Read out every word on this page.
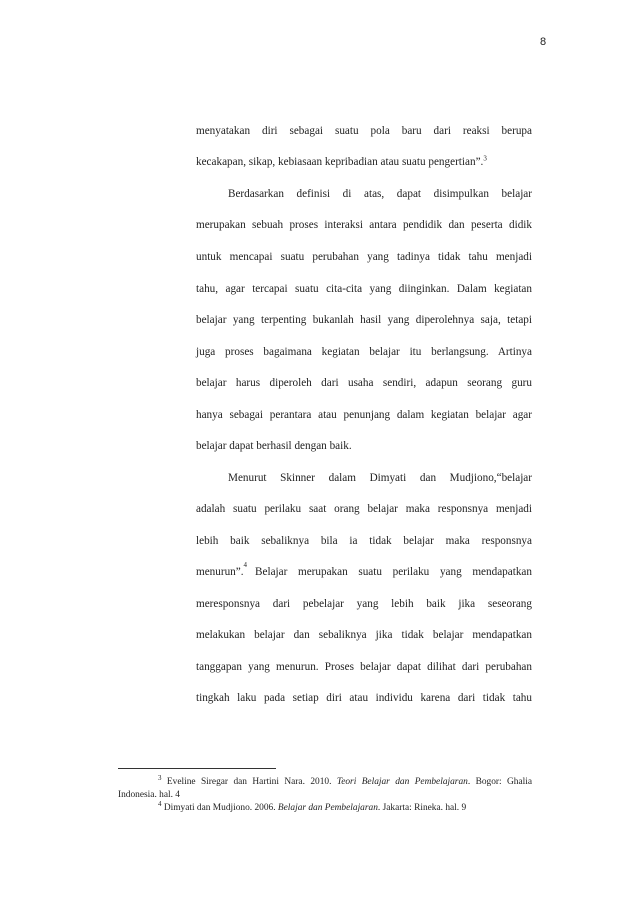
8
menyatakan diri sebagai suatu pola baru dari reaksi berupa
kecakapan, sikap, kebiasaan kepribadian atau suatu pengertian”.$^3$
Berdasarkan definisi di atas, dapat disimpulkan belajar
merupakan sebuah proses interaksi antara pendidik dan peserta didik
untuk mencapai suatu perubahan yang tadinya tidak tahu menjadi
tahu, agar tercapai suatu cita-cita yang diinginkan. Dalam kegiatan
belajar yang terpenting bukanlah hasil yang diperolehnya saja, tetapi
juga proses bagaimana kegiatan belajar itu berlangsung. Artinya
belajar harus diperoleh dari usaha sendiri, adapun seorang guru
hanya sebagai perantara atau penunjang dalam kegiatan belajar agar
belajar dapat berhasil dengan baik.
Menurut Skinner dalam Dimyati dan Mudjiono,“belajar
adalah suatu perilaku saat orang belajar maka responsnya menjadi
lebih baik sebaliknya bila ia tidak belajar maka responsnya
menurun”.
4
Belajar merupakan suatu perilaku yang mendapatkan
meresponsnya dari pebelajar yang lebih baik jika seseorang
melakukan belajar dan sebaliknya jika tidak belajar mendapatkan
tanggapan yang menurun. Proses belajar dapat dilihat dari perubahan
tingkah laku pada setiap diri atau individu karena dari tidak tahu
$^3$ Eveline Siregar dan Hartini Nara. 2010. Teori Belajar dan Pembelajaran. Bogor: Ghalia
Indonesia. hal. 4
$^4$ Dimyati dan Mudjiono. 2006. Belajar dan Pembelajaran. Jakarta: Rineka. hal. 9
